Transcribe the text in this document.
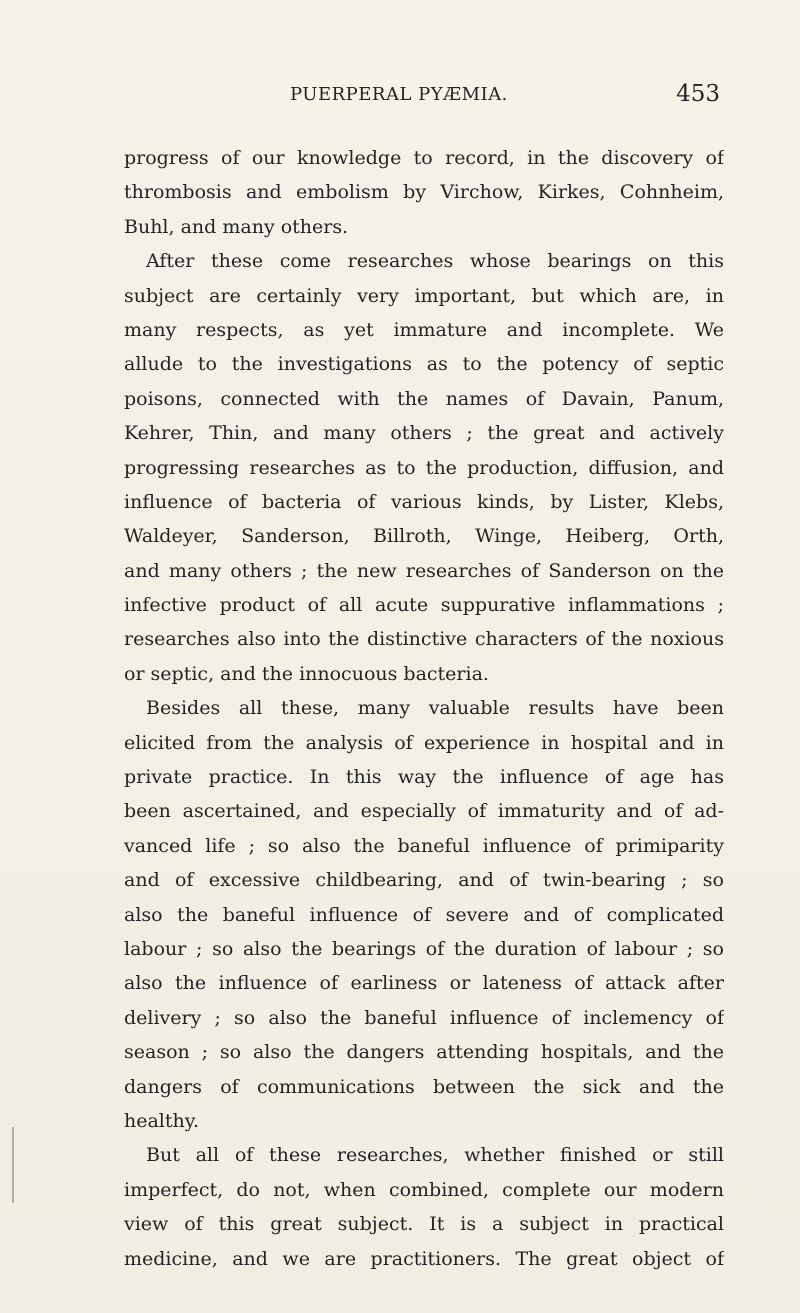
PUERPERAL PYÆMIA.	453
progress of our knowledge to record, in the discovery of
thrombosis and embolism by Virchow, Kirkes, Cohnheim,
Buhl, and many others.
After these come researches whose bearings on this
subject are certainly very important, but which are, in
many respects, as yet immature and incomplete. We
allude to the investigations as to the potency of septic
poisons, connected with the names of Davain, Panum,
Kehrer, Thin, and many others ; the great and actively
progressing researches as to the production, diffusion, and
influence of bacteria of various kinds, by Lister, Klebs,
Waldeyer, Sanderson, Billroth, Winge, Heiberg, Orth,
and many others ; the new researches of Sanderson on the
infective product of all acute suppurative inflammations ;
researches also into the distinctive characters of the noxious
or septic, and the innocuous bacteria.
Besides all these, many valuable results have been
elicited from the analysis of experience in hospital and in
private practice. In this way the influence of age has
been ascertained, and especially of immaturity and of ad-
vanced life ; so also the baneful influence of primiparity
and of excessive childbearing, and of twin-bearing ; so
also the baneful influence of severe and of complicated
labour ; so also the bearings of the duration of labour ; so
also the influence of earliness or lateness of attack after
delivery ; so also the baneful influence of inclemency of
season ; so also the dangers attending hospitals, and the
dangers of communications between the sick and the
healthy.
But all of these researches, whether finished or still
imperfect, do not, when combined, complete our modern
view of this great subject. It is a subject in practical
medicine, and we are practitioners. The great object of
